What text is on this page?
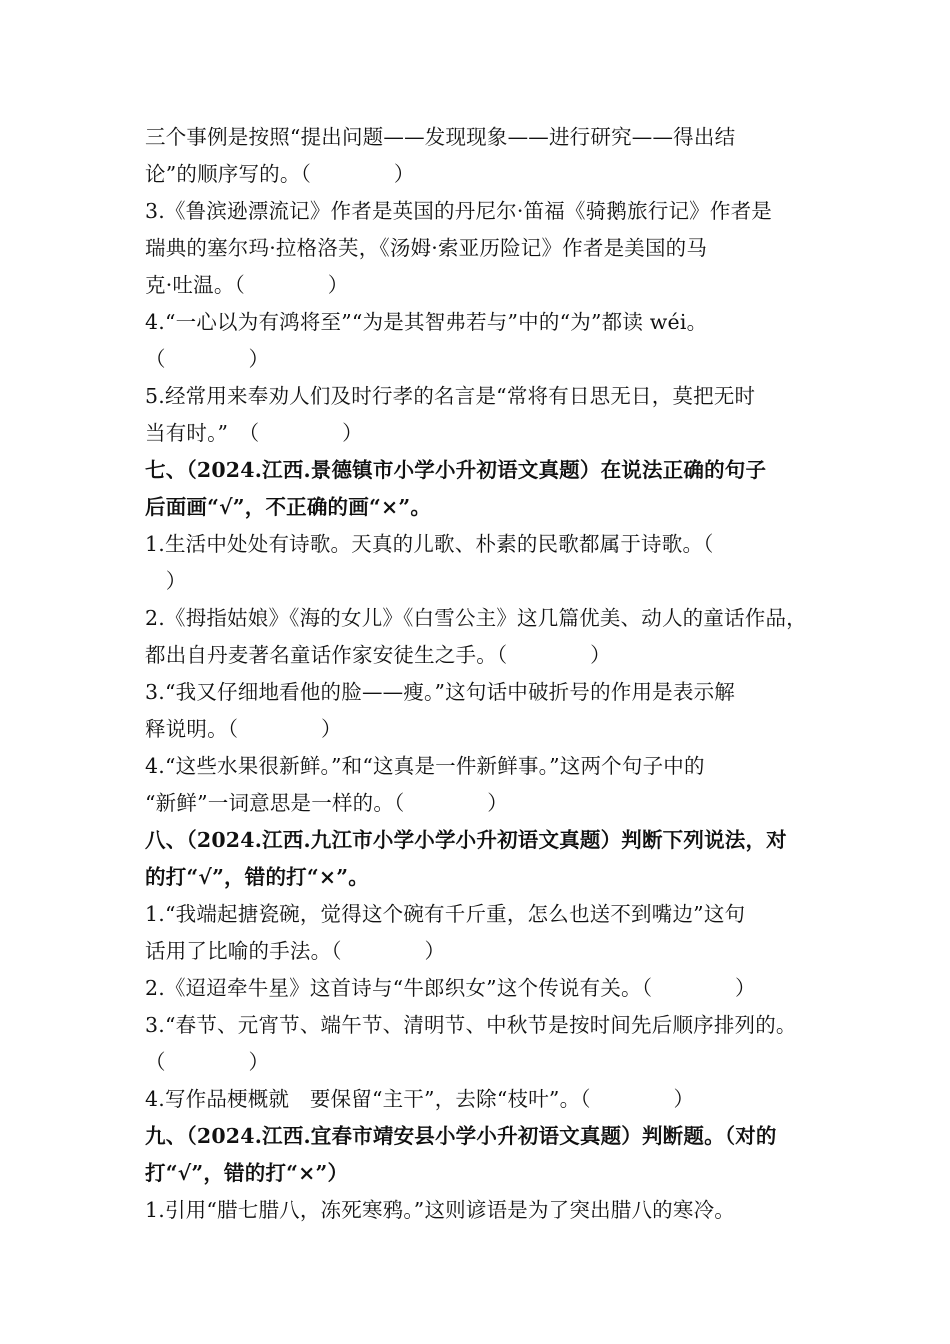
三个事例是按照“提出问题——发现现象——进行研究——得出结
论”的顺序写的。（　　　　）
3.《鲁滨逊漂流记》作者是英国的丹尼尔·笛福《骑鹅旅行记》作者是
瑞典的塞尔玛·拉格洛芙，《汤姆·索亚历险记》作者是美国的马
克·吐温。（　　　　）
4.“一心以为有鸿将至”“为是其智弗若与”中的“为”都读 wéi。
（　　　　）
5.经常用来奉劝人们及时行孝的名言是“常将有日思无日，莫把无时
当有时。”　（　　　　）
七、（2024.江西.景德镇市小学小升初语文真题）在说法正确的句子
后面画“√”，不正确的画“×”。
1.生活中处处有诗歌。天真的儿歌、朴素的民歌都属于诗歌。（
　）
2.《拇指姑娘》《海的女儿》《白雪公主》这几篇优美、动人的童话作品，
都出自丹麦著名童话作家安徒生之手。（　　　　）
3.“我又仔细地看他的脸——瘦。”这句话中破折号的作用是表示解
释说明。（　　　　）
4.“这些水果很新鲜。”和“这真是一件新鲜事。”这两个句子中的
“新鲜”一词意思是一样的。（　　　　）
八、（2024.江西.九江市小学小学小升初语文真题）判断下列说法，对
的打“√”，错的打“×”。
1.“我端起搪瓷碗，觉得这个碗有千斤重，怎么也送不到嘴边”这句
话用了比喻的手法。（　　　　）
2.《迢迢牵牛星》这首诗与“牛郎织女”这个传说有关。（　　　　）
3.“春节、元宵节、端午节、清明节、中秋节是按时间先后顺序排列的。
（　　　　）
4.写作品梗概就　要保留“主干”，去除“枝叶”。（　　　　）
九、（2024.江西.宜春市靖安县小学小升初语文真题）判断题。（对的
打“√”，错的打“×”）
1.引用“腊七腊八，冻死寒鸦。”这则谚语是为了突出腊八的寒冷。
